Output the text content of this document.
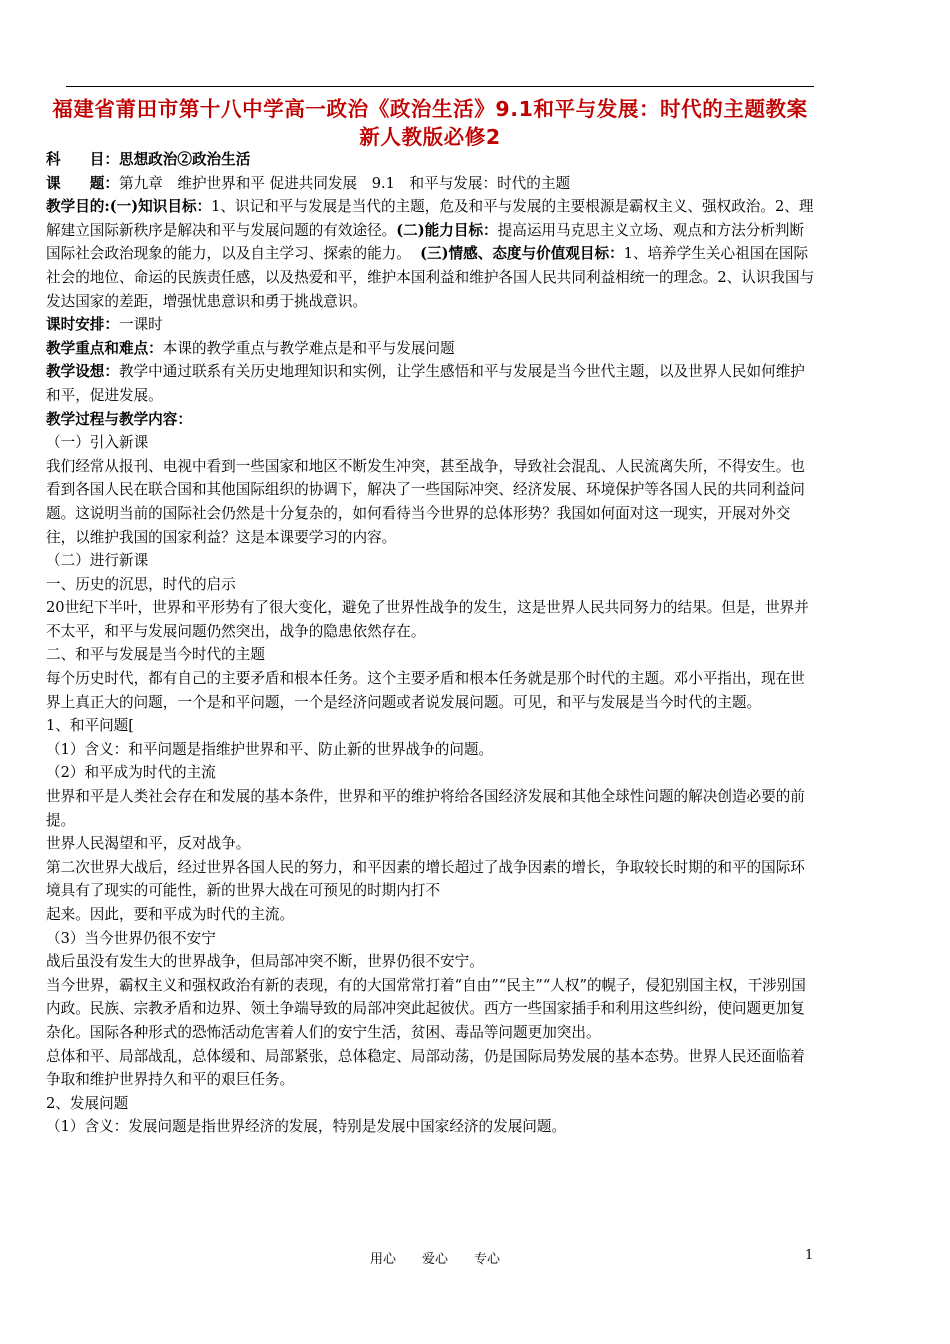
福建省莆田市第十八中学高一政治《政治生活》9.1和平与发展：时代的主题教案 新人教版必修2

科　　目：思想政治②政治生活

课　　题：第九章　维护世界和平 促进共同发展　9.1　和平与发展：时代的主题

教学目的:(一)知识目标：1、识记和平与发展是当代的主题，危及和平与发展的主要根源是霸权主义、强权政治。2、理解建立国际新秩序是解决和平与发展问题的有效途径。(二)能力目标：提高运用马克思主义立场、观点和方法分析判断国际社会政治现象的能力，以及自主学习、探索的能力。 (三)情感、态度与价值观目标：1、培养学生关心祖国在国际社会的地位、命运的民族责任感，以及热爱和平，维护本国利益和维护各国人民共同利益相统一的理念。2、认识我国与发达国家的差距，增强忧患意识和勇于挑战意识。

课时安排：一课时

教学重点和难点：本课的教学重点与教学难点是和平与发展问题

教学设想：教学中通过联系有关历史地理知识和实例，让学生感悟和平与发展是当今世代主题，以及世界人民如何维护和平，促进发展。

教学过程与教学内容：

（一）引入新课

我们经常从报刊、电视中看到一些国家和地区不断发生冲突，甚至战争，导致社会混乱、人民流离失所，不得安生。也看到各国人民在联合国和其他国际组织的协调下，解决了一些国际冲突、经济发展、环境保护等各国人民的共同利益问题。这说明当前的国际社会仍然是十分复杂的，如何看待当今世界的总体形势？我国如何面对这一现实，开展对外交往，以维护我国的国家利益？这是本课要学习的内容。

（二）进行新课

一、历史的沉思，时代的启示

20世纪下半叶，世界和平形势有了很大变化，避免了世界性战争的发生，这是世界人民共同努力的结果。但是，世界并不太平，和平与发展问题仍然突出，战争的隐患依然存在。

二、和平与发展是当今时代的主题

每个历史时代，都有自己的主要矛盾和根本任务。这个主要矛盾和根本任务就是那个时代的主题。邓小平指出，现在世界上真正大的问题，一个是和平问题，一个是经济问题或者说发展问题。可见，和平与发展是当今时代的主题。

1、和平问题[

（1）含义：和平问题是指维护世界和平、防止新的世界战争的问题。

（2）和平成为时代的主流

世界和平是人类社会存在和发展的基本条件，世界和平的维护将给各国经济发展和其他全球性问题的解决创造必要的前提。

世界人民渴望和平，反对战争。

第二次世界大战后，经过世界各国人民的努力，和平因素的增长超过了战争因素的增长，争取较长时期的和平的国际环境具有了现实的可能性，新的世界大战在可预见的时期内打不

起来。因此，要和平成为时代的主流。

（3）当今世界仍很不安宁

战后虽没有发生大的世界战争，但局部冲突不断，世界仍很不安宁。

当今世界，霸权主义和强权政治有新的表现，有的大国常常打着“自由”“民主”“人权”的幌子，侵犯别国主权，干涉别国内政。民族、宗教矛盾和边界、领土争端导致的局部冲突此起彼伏。西方一些国家插手和利用这些纠纷，使问题更加复杂化。国际各种形式的恐怖活动危害着人们的安宁生活，贫困、毒品等问题更加突出。

总体和平、局部战乱，总体缓和、局部紧张，总体稳定、局部动荡，仍是国际局势发展的基本态势。世界人民还面临着争取和维护世界持久和平的艰巨任务。

2、发展问题

（1）含义：发展问题是指世界经济的发展，特别是发展中国家经济的发展问题。

用心　　爱心　　专心	1
